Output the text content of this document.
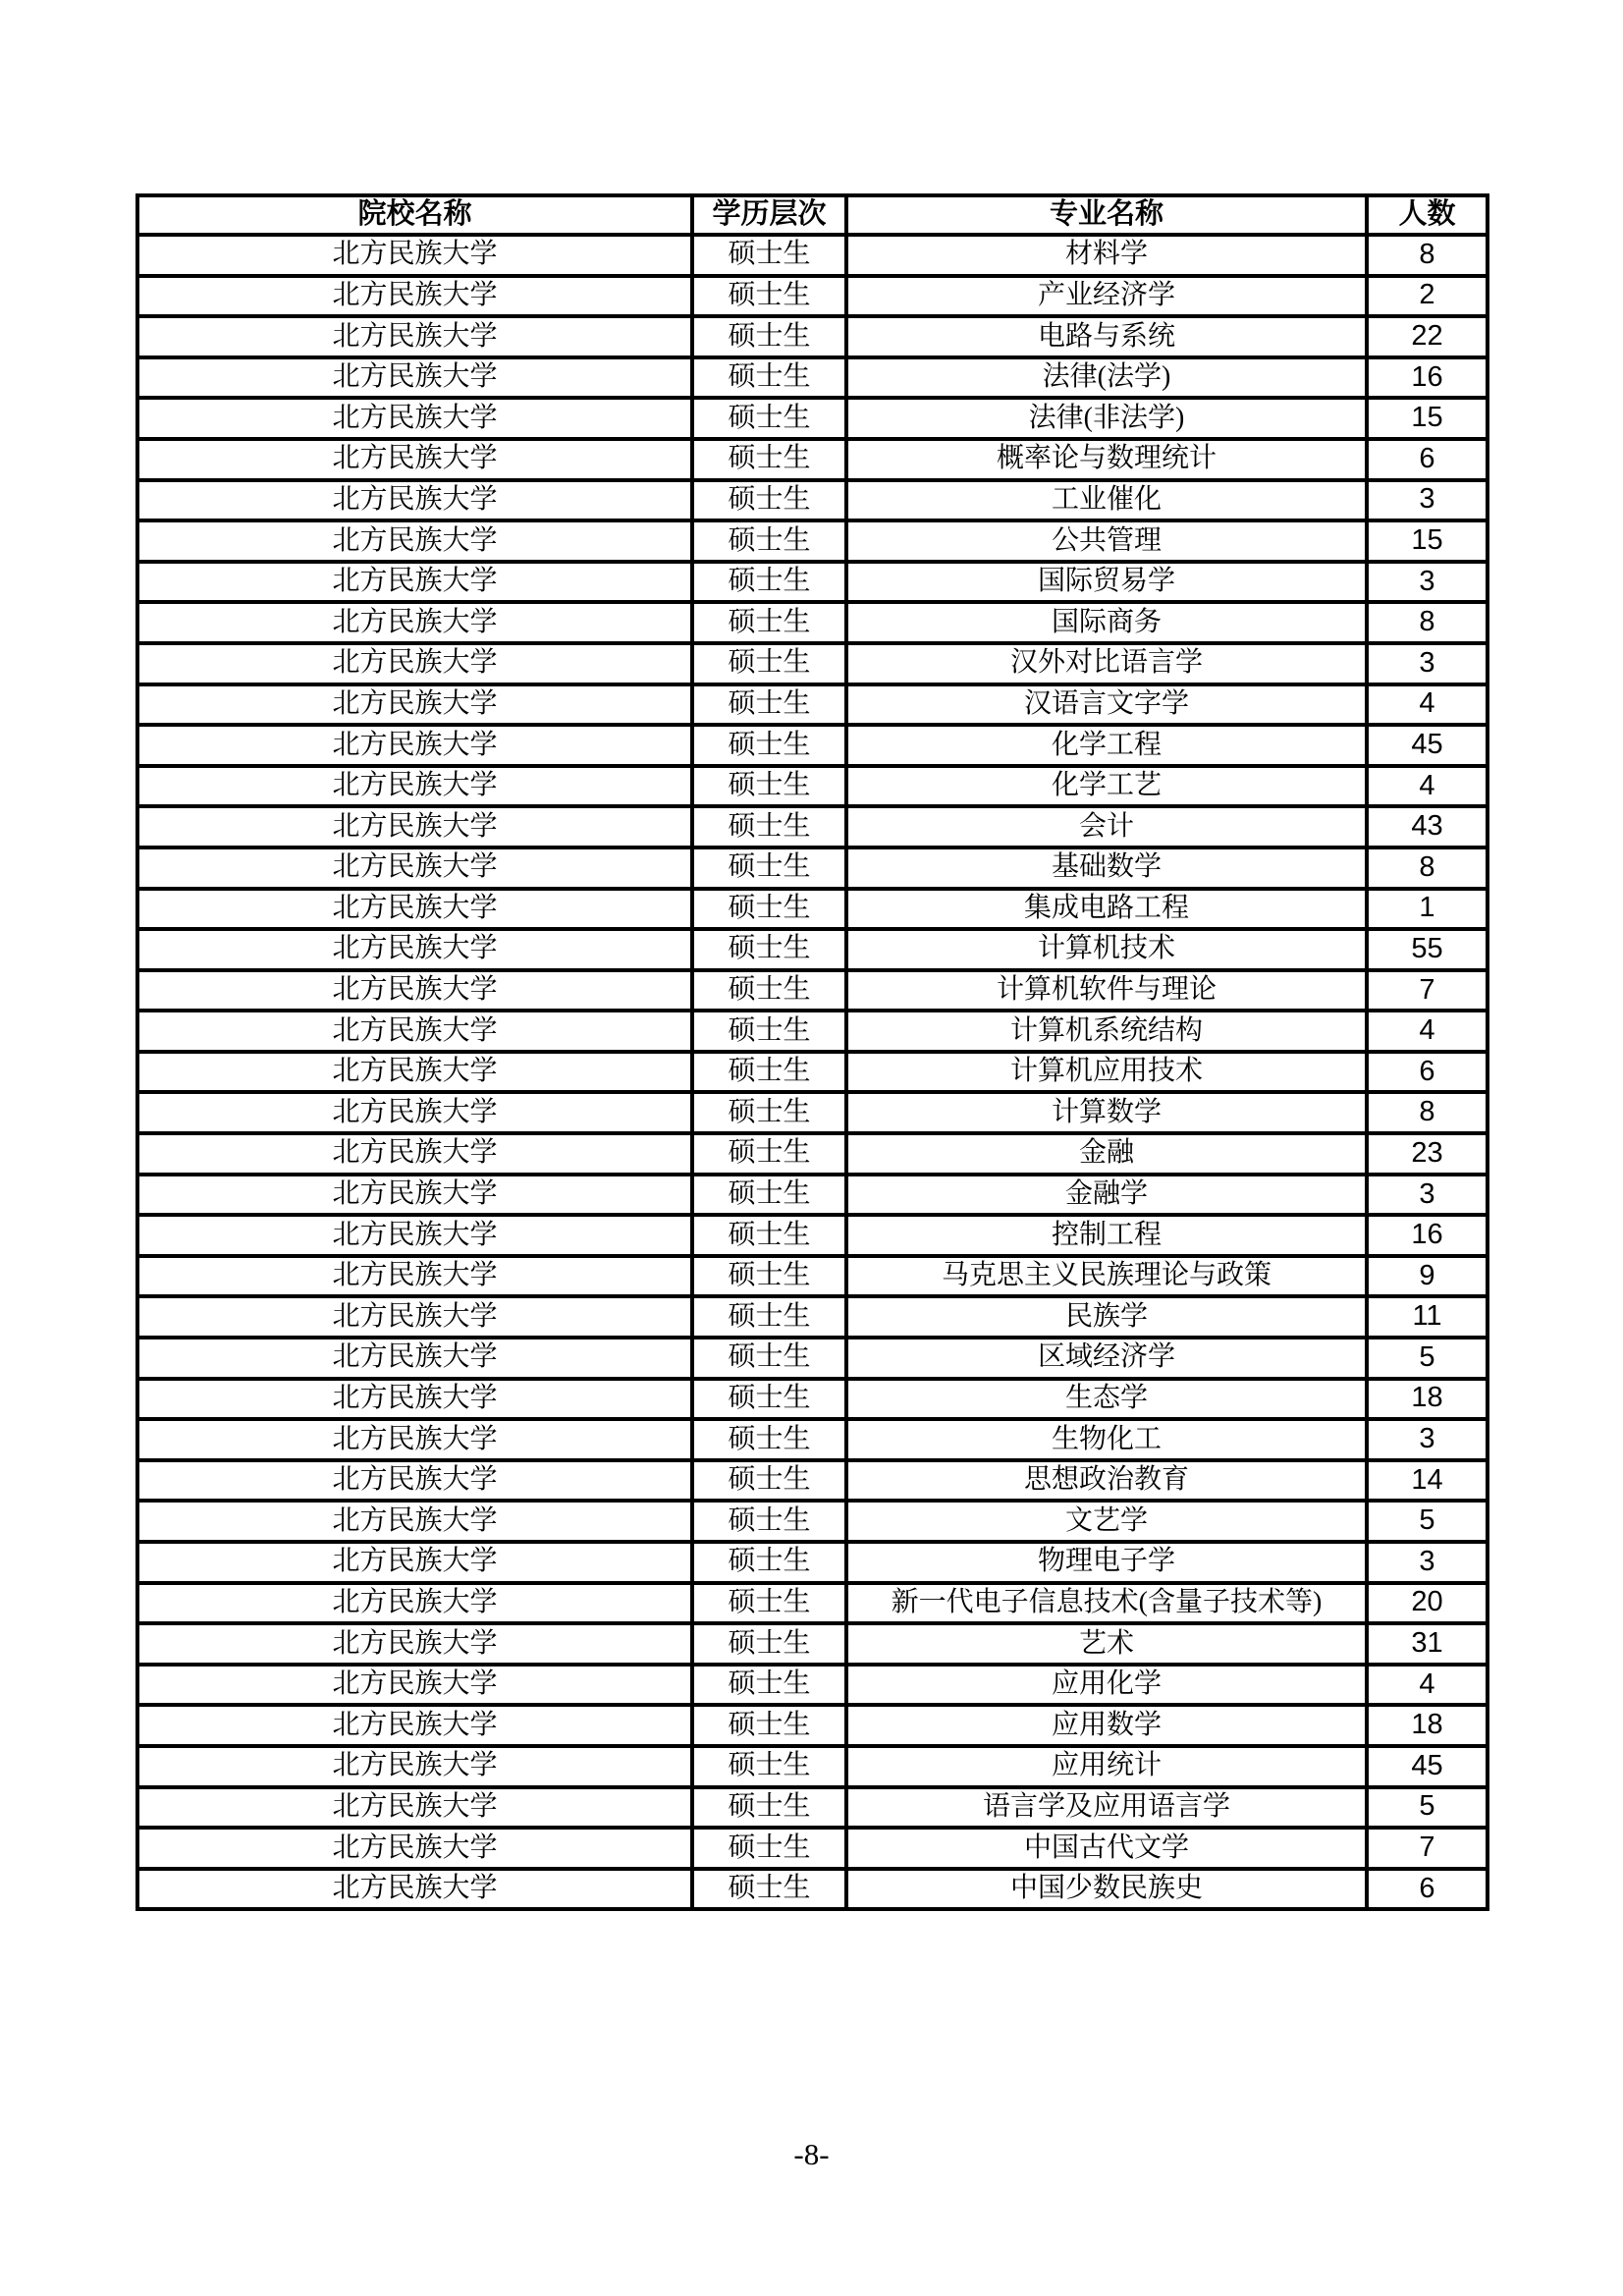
院校名称	学历层次	专业名称	人数
北方民族大学	硕士生	材料学	8
北方民族大学	硕士生	产业经济学	2
北方民族大学	硕士生	电路与系统	22
北方民族大学	硕士生	法律(法学)	16
北方民族大学	硕士生	法律(非法学)	15
北方民族大学	硕士生	概率论与数理统计	6
北方民族大学	硕士生	工业催化	3
北方民族大学	硕士生	公共管理	15
北方民族大学	硕士生	国际贸易学	3
北方民族大学	硕士生	国际商务	8
北方民族大学	硕士生	汉外对比语言学	3
北方民族大学	硕士生	汉语言文字学	4
北方民族大学	硕士生	化学工程	45
北方民族大学	硕士生	化学工艺	4
北方民族大学	硕士生	会计	43
北方民族大学	硕士生	基础数学	8
北方民族大学	硕士生	集成电路工程	1
北方民族大学	硕士生	计算机技术	55
北方民族大学	硕士生	计算机软件与理论	7
北方民族大学	硕士生	计算机系统结构	4
北方民族大学	硕士生	计算机应用技术	6
北方民族大学	硕士生	计算数学	8
北方民族大学	硕士生	金融	23
北方民族大学	硕士生	金融学	3
北方民族大学	硕士生	控制工程	16
北方民族大学	硕士生	马克思主义民族理论与政策	9
北方民族大学	硕士生	民族学	11
北方民族大学	硕士生	区域经济学	5
北方民族大学	硕士生	生态学	18
北方民族大学	硕士生	生物化工	3
北方民族大学	硕士生	思想政治教育	14
北方民族大学	硕士生	文艺学	5
北方民族大学	硕士生	物理电子学	3
北方民族大学	硕士生	新一代电子信息技术(含量子技术等)	20
北方民族大学	硕士生	艺术	31
北方民族大学	硕士生	应用化学	4
北方民族大学	硕士生	应用数学	18
北方民族大学	硕士生	应用统计	45
北方民族大学	硕士生	语言学及应用语言学	5
北方民族大学	硕士生	中国古代文学	7
北方民族大学	硕士生	中国少数民族史	6
-8-
